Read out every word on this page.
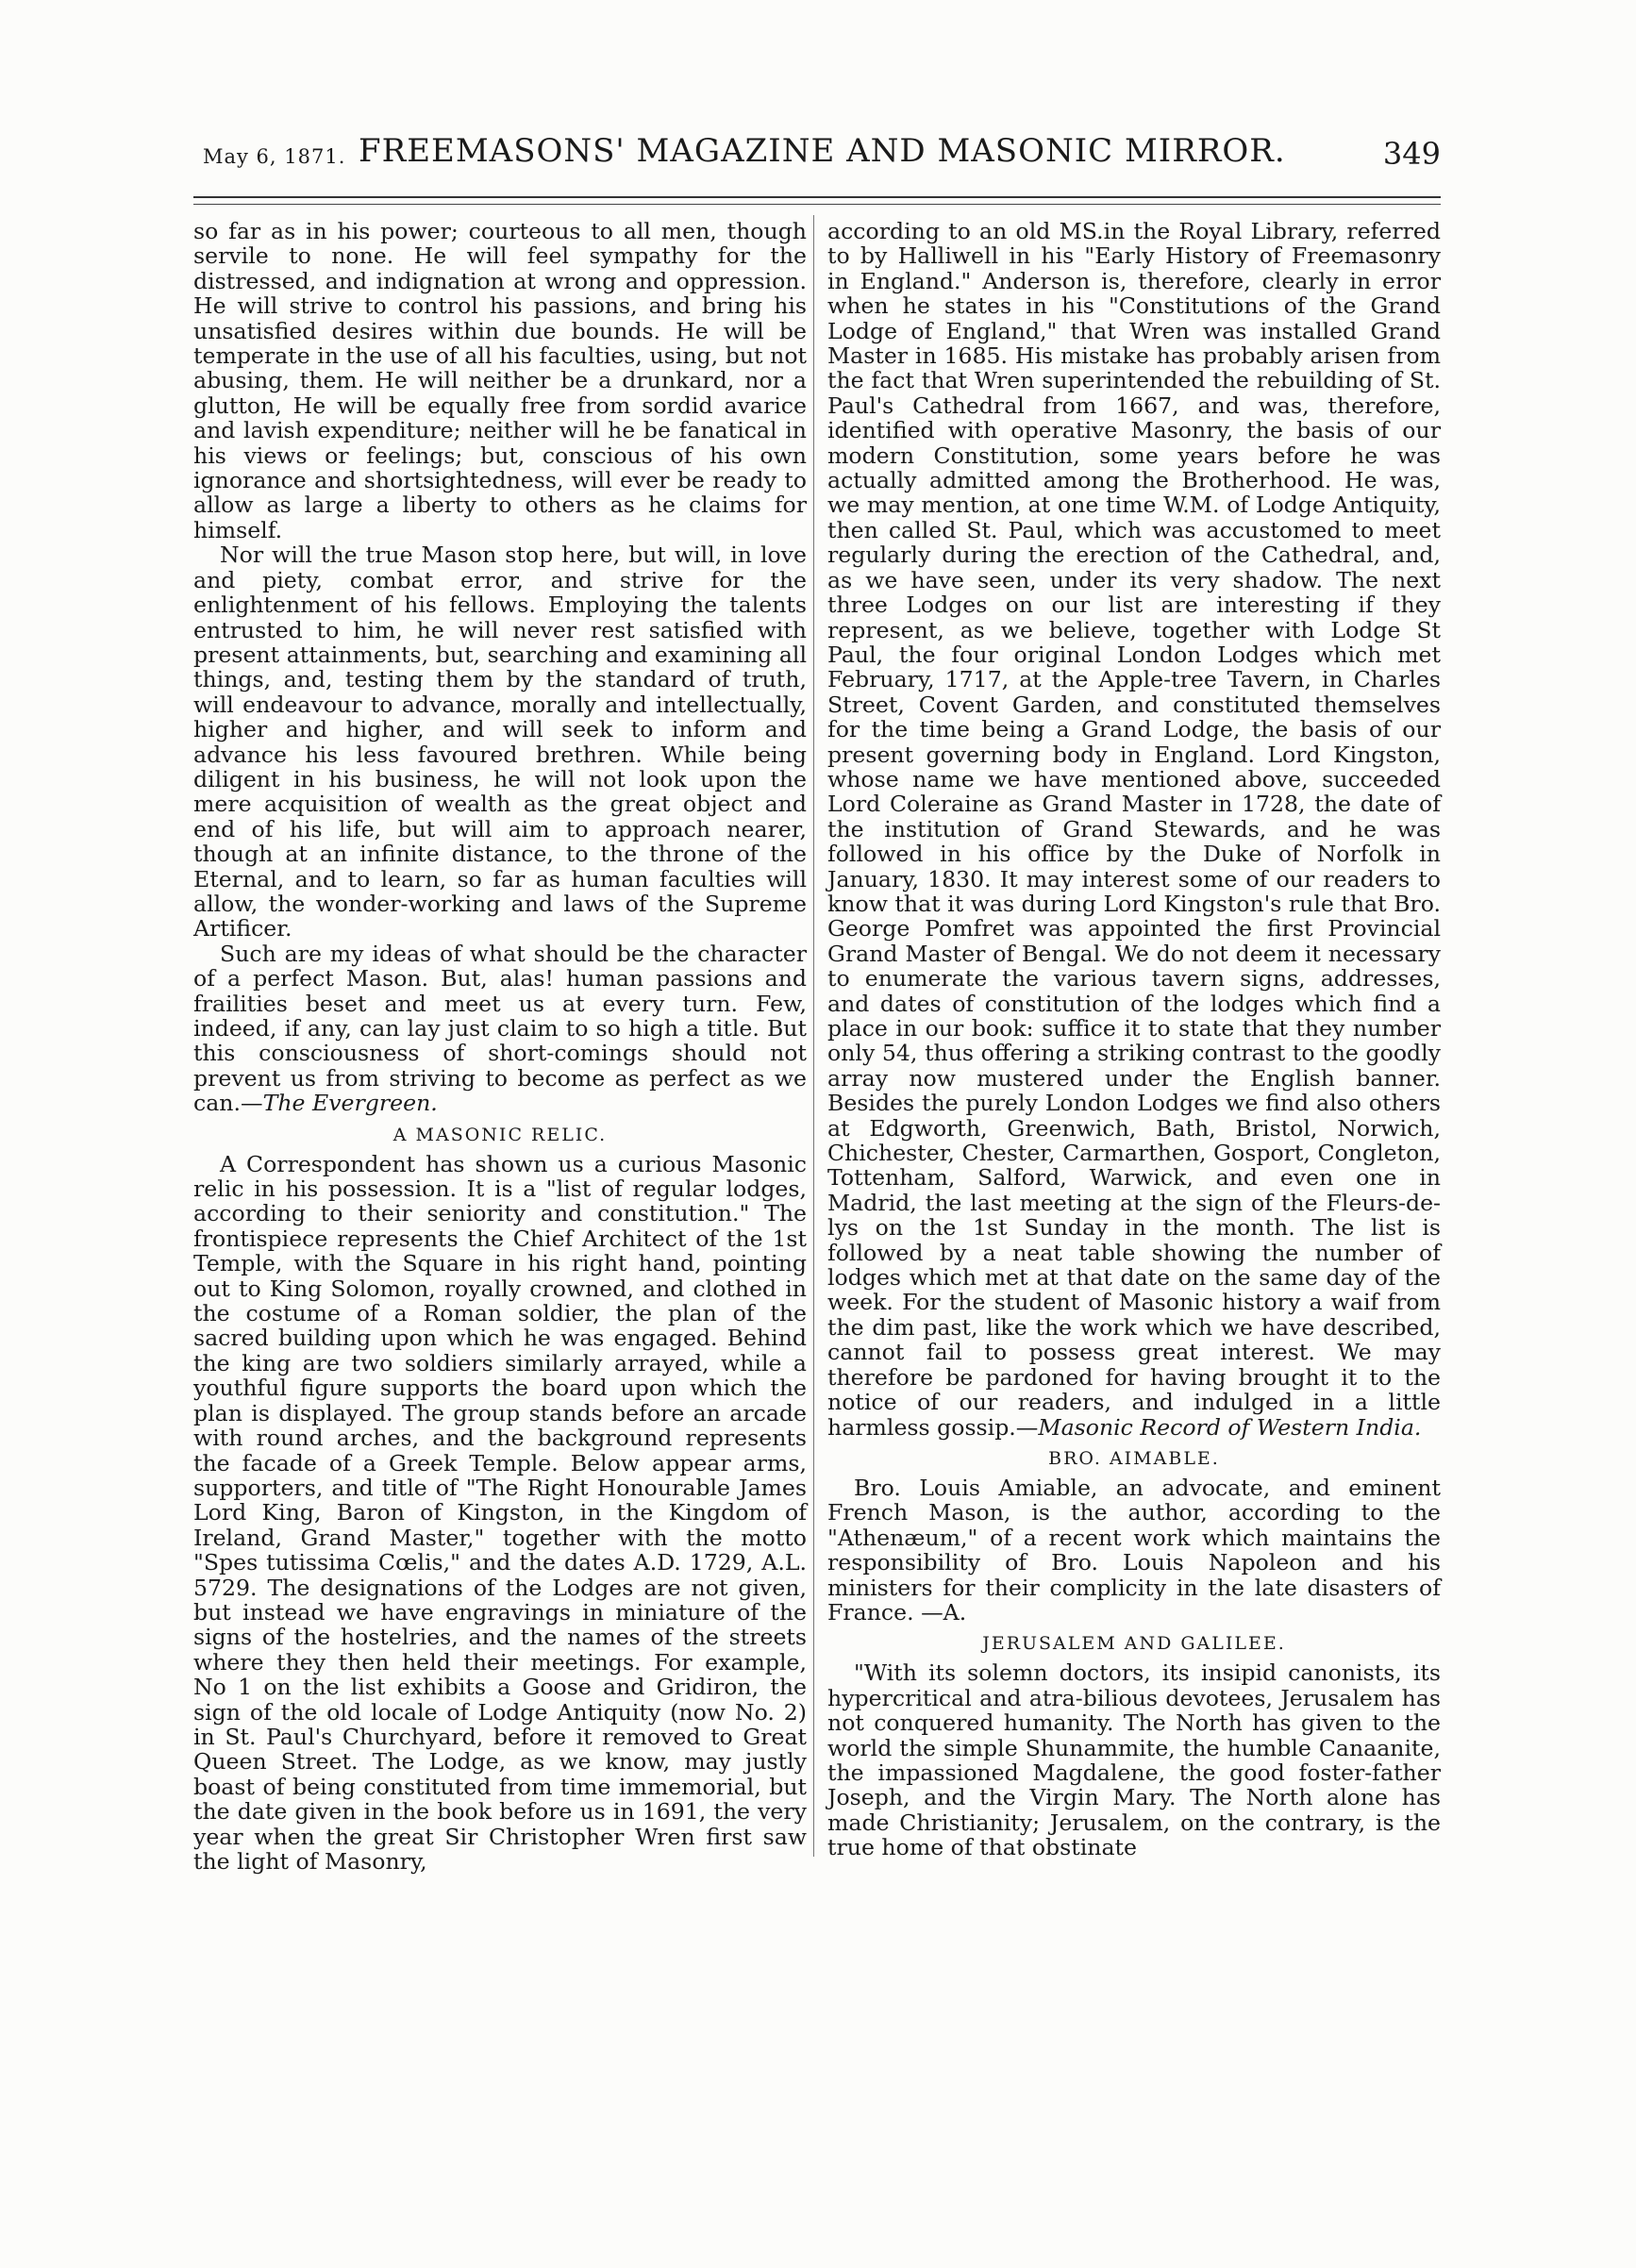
May 6, 1871. FREEMASONS' MAGAZINE AND MASONIC MIRROR.	349

so far as in his power; courteous to all men, though servile to none. He will feel sympathy for the distressed, and indignation at wrong and oppression. He will strive to control his passions, and bring his unsatisfied desires within due bounds. He will be temperate in the use of all his faculties, using, but not abusing, them. He will neither be a drunkard, nor a glutton, He will be equally free from sordid avarice and lavish expenditure; neither will he be fanatical in his views or feelings; but, conscious of his own ignorance and shortsightedness, will ever be ready to allow as large a liberty to others as he claims for himself.

Nor will the true Mason stop here, but will, in love and piety, combat error, and strive for the enlightenment of his fellows. Employing the talents entrusted to him, he will never rest satisfied with present attainments, but, searching and examining all things, and, testing them by the standard of truth, will endeavour to advance, morally and intellectually, higher and higher, and will seek to inform and advance his less favoured brethren. While being diligent in his business, he will not look upon the mere acquisition of wealth as the great object and end of his life, but will aim to approach nearer, though at an infinite distance, to the throne of the Eternal, and to learn, so far as human faculties will allow, the wonder-working and laws of the Supreme Artificer.

Such are my ideas of what should be the character of a perfect Mason. But, alas! human passions and frailities beset and meet us at every turn. Few, indeed, if any, can lay just claim to so high a title. But this consciousness of short-comings should not prevent us from striving to become as perfect as we can.—The Evergreen.

A MASONIC RELIC.

A Correspondent has shown us a curious Masonic relic in his possession. It is a "list of regular lodges, according to their seniority and constitution." The frontispiece represents the Chief Architect of the 1st Temple, with the Square in his right hand, pointing out to King Solomon, royally crowned, and clothed in the costume of a Roman soldier, the plan of the sacred building upon which he was engaged. Behind the king are two soldiers similarly arrayed, while a youthful figure supports the board upon which the plan is displayed. The group stands before an arcade with round arches, and the background represents the facade of a Greek Temple. Below appear arms, supporters, and title of "The Right Honourable James Lord King, Baron of Kingston, in the Kingdom of Ireland, Grand Master," together with the motto "Spes tutissima Cœlis," and the dates A.D. 1729, A.L. 5729. The designations of the Lodges are not given, but instead we have engravings in miniature of the signs of the hostelries, and the names of the streets where they then held their meetings. For example, No 1 on the list exhibits a Goose and Gridiron, the sign of the old locale of Lodge Antiquity (now No. 2) in St. Paul's Churchyard, before it removed to Great Queen Street. The Lodge, as we know, may justly boast of being constituted from time immemorial, but the date given in the book before us in 1691, the very year when the great Sir Christopher Wren first saw the light of Masonry,

according to an old MS.in the Royal Library, referred to by Halliwell in his "Early History of Freemasonry in England." Anderson is, therefore, clearly in error when he states in his "Constitutions of the Grand Lodge of England," that Wren was installed Grand Master in 1685. His mistake has probably arisen from the fact that Wren superintended the rebuilding of St. Paul's Cathedral from 1667, and was, therefore, identified with operative Masonry, the basis of our modern Constitution, some years before he was actually admitted among the Brotherhood. He was, we may mention, at one time W.M. of Lodge Antiquity, then called St. Paul, which was accustomed to meet regularly during the erection of the Cathedral, and, as we have seen, under its very shadow. The next three Lodges on our list are interesting if they represent, as we believe, together with Lodge St Paul, the four original London Lodges which met February, 1717, at the Apple-tree Tavern, in Charles Street, Covent Garden, and constituted themselves for the time being a Grand Lodge, the basis of our present governing body in England. Lord Kingston, whose name we have mentioned above, succeeded Lord Coleraine as Grand Master in 1728, the date of the institution of Grand Stewards, and he was followed in his office by the Duke of Norfolk in January, 1830. It may interest some of our readers to know that it was during Lord Kingston's rule that Bro. George Pomfret was appointed the first Provincial Grand Master of Bengal. We do not deem it necessary to enumerate the various tavern signs, addresses, and dates of constitution of the lodges which find a place in our book: suffice it to state that they number only 54, thus offering a striking contrast to the goodly array now mustered under the English banner. Besides the purely London Lodges we find also others at Edgworth, Greenwich, Bath, Bristol, Norwich, Chichester, Chester, Carmarthen, Gosport, Congleton, Tottenham, Salford, Warwick, and even one in Madrid, the last meeting at the sign of the Fleurs-de-lys on the 1st Sunday in the month. The list is followed by a neat table showing the number of lodges which met at that date on the same day of the week. For the student of Masonic history a waif from the dim past, like the work which we have described, cannot fail to possess great interest. We may therefore be pardoned for having brought it to the notice of our readers, and indulged in a little harmless gossip.—Masonic Record of Western India.

BRO. AIMABLE.

Bro. Louis Amiable, an advocate, and eminent French Mason, is the author, according to the "Athenæum," of a recent work which maintains the responsibility of Bro. Louis Napoleon and his ministers for their complicity in the late disasters of France. —A.

JERUSALEM AND GALILEE.

"With its solemn doctors, its insipid canonists, its hypercritical and atra-bilious devotees, Jerusalem has not conquered humanity. The North has given to the world the simple Shunammite, the humble Canaanite, the impassioned Magdalene, the good foster-father Joseph, and the Virgin Mary. The North alone has made Christianity; Jerusalem, on the contrary, is the true home of that obstinate
